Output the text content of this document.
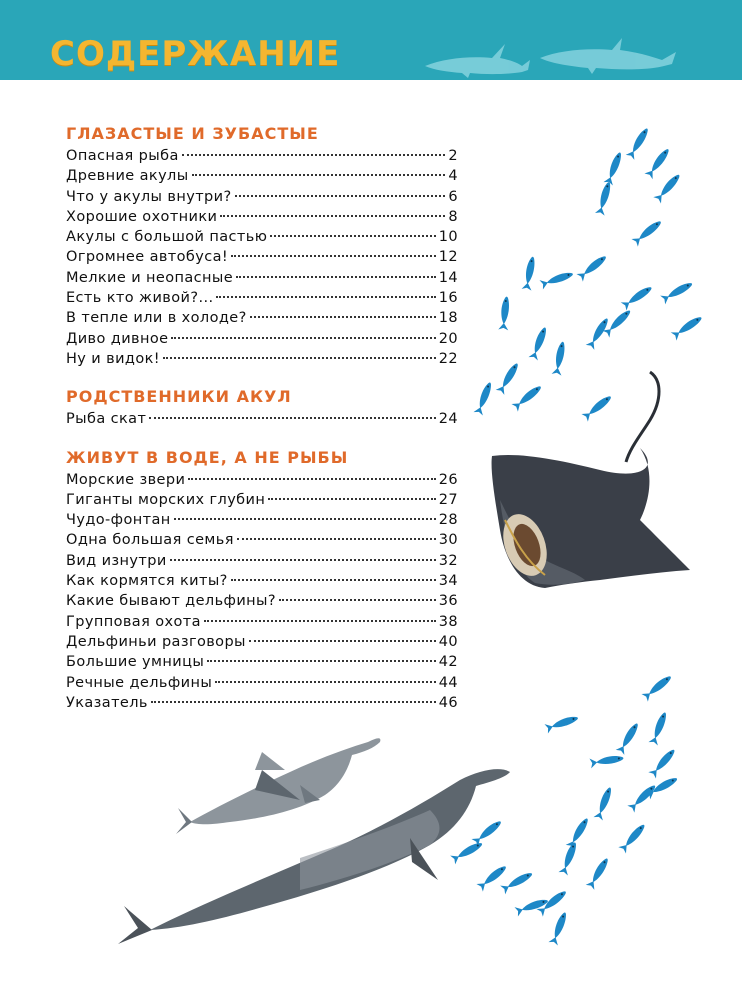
СОДЕРЖАНИЕ
ГЛАЗАСТЫЕ И ЗУБАСТЫЕ
Опасная рыба	2
Древние акулы	4
Что у акулы внутри?	6
Хорошие охотники	8
Акулы с большой пастью	10
Огромнее автобуса!	12
Мелкие и неопасные	14
Есть кто живой?...	16
В тепле или в холоде?	18
Диво дивное	20
Ну и видок!	22
РОДСТВЕННИКИ АКУЛ
Рыба скат	24
ЖИВУТ В ВОДЕ, А НЕ РЫБЫ
Морские звери	26
Гиганты морских глубин	27
Чудо-фонтан	28
Одна большая семья	30
Вид изнутри	32
Как кормятся киты?	34
Какие бывают дельфины?	36
Групповая охота	38
Дельфиньи разговоры	40
Большие умницы	42
Речные дельфины	44
Указатель	46
